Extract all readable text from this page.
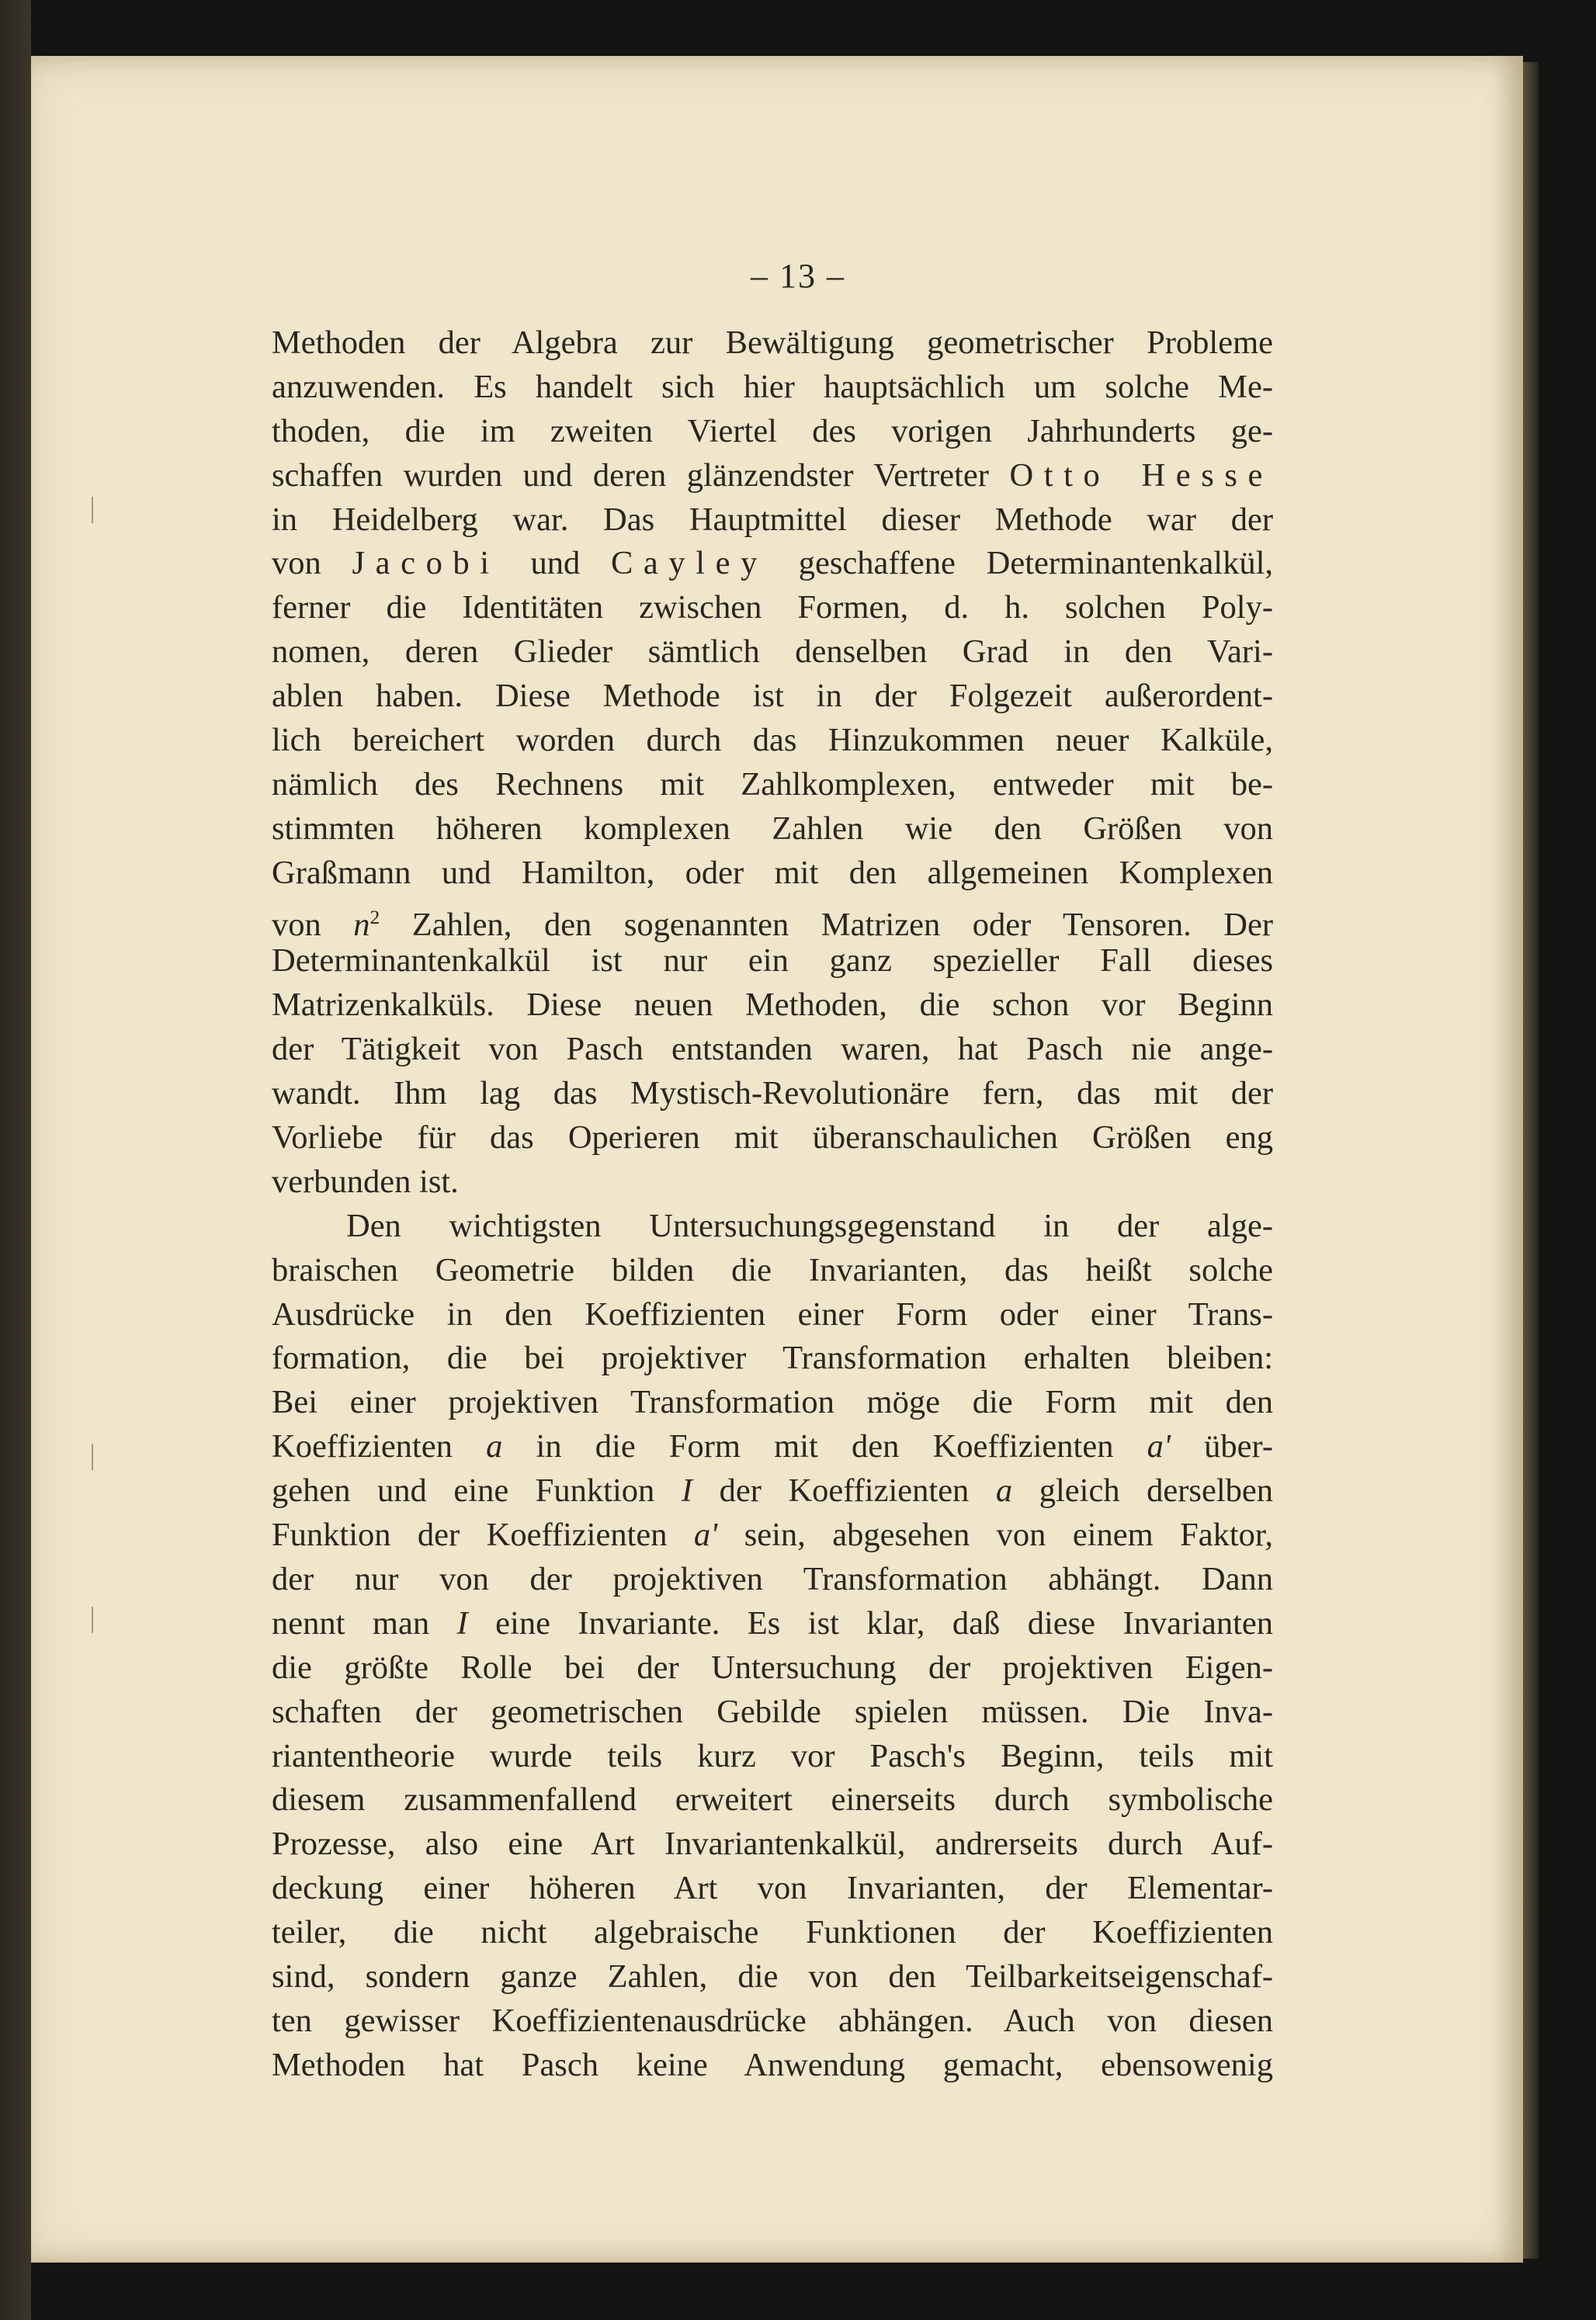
– 13 –
Methoden der Algebra zur Bewältigung geometrischer Probleme
anzuwenden. Es handelt sich hier hauptsächlich um solche Me-
thoden, die im zweiten Viertel des vorigen Jahrhunderts ge-
schaffen wurden und deren glänzendster Vertreter Otto Hesse
in Heidelberg war. Das Hauptmittel dieser Methode war der
von Jacobi und Cayley geschaffene Determinantenkalkül,
ferner die Identitäten zwischen Formen, d. h. solchen Poly-
nomen, deren Glieder sämtlich denselben Grad in den Vari-
ablen haben. Diese Methode ist in der Folgezeit außerordent-
lich bereichert worden durch das Hinzukommen neuer Kalküle,
nämlich des Rechnens mit Zahlkomplexen, entweder mit be-
stimmten höheren komplexen Zahlen wie den Größen von
Graßmann und Hamilton, oder mit den allgemeinen Komplexen
von $n^2$ Zahlen, den sogenannten Matrizen oder Tensoren. Der
Determinantenkalkül ist nur ein ganz spezieller Fall dieses
Matrizenkalküls. Diese neuen Methoden, die schon vor Beginn
der Tätigkeit von Pasch entstanden waren, hat Pasch nie ange-
wandt. Ihm lag das Mystisch-Revolutionäre fern, das mit der
Vorliebe für das Operieren mit überanschaulichen Größen eng
verbunden ist.
Den wichtigsten Untersuchungsgegenstand in der alge-
braischen Geometrie bilden die Invarianten, das heißt solche
Ausdrücke in den Koeffizienten einer Form oder einer Trans-
formation, die bei projektiver Transformation erhalten bleiben:
Bei einer projektiven Transformation möge die Form mit den
Koeffizienten a in die Form mit den Koeffizienten a' über-
gehen und eine Funktion I der Koeffizienten a gleich derselben
Funktion der Koeffizienten a' sein, abgesehen von einem Faktor,
der nur von der projektiven Transformation abhängt. Dann
nennt man I eine Invariante. Es ist klar, daß diese Invarianten
die größte Rolle bei der Untersuchung der projektiven Eigen-
schaften der geometrischen Gebilde spielen müssen. Die Inva-
riantentheorie wurde teils kurz vor Pasch's Beginn, teils mit
diesem zusammenfallend erweitert einerseits durch symbolische
Prozesse, also eine Art Invariantenkalkül, andrerseits durch Auf-
deckung einer höheren Art von Invarianten, der Elementar-
teiler, die nicht algebraische Funktionen der Koeffizienten
sind, sondern ganze Zahlen, die von den Teilbarkeitseigenschaf-
ten gewisser Koeffizientenausdrücke abhängen. Auch von diesen
Methoden hat Pasch keine Anwendung gemacht, ebensowenig
